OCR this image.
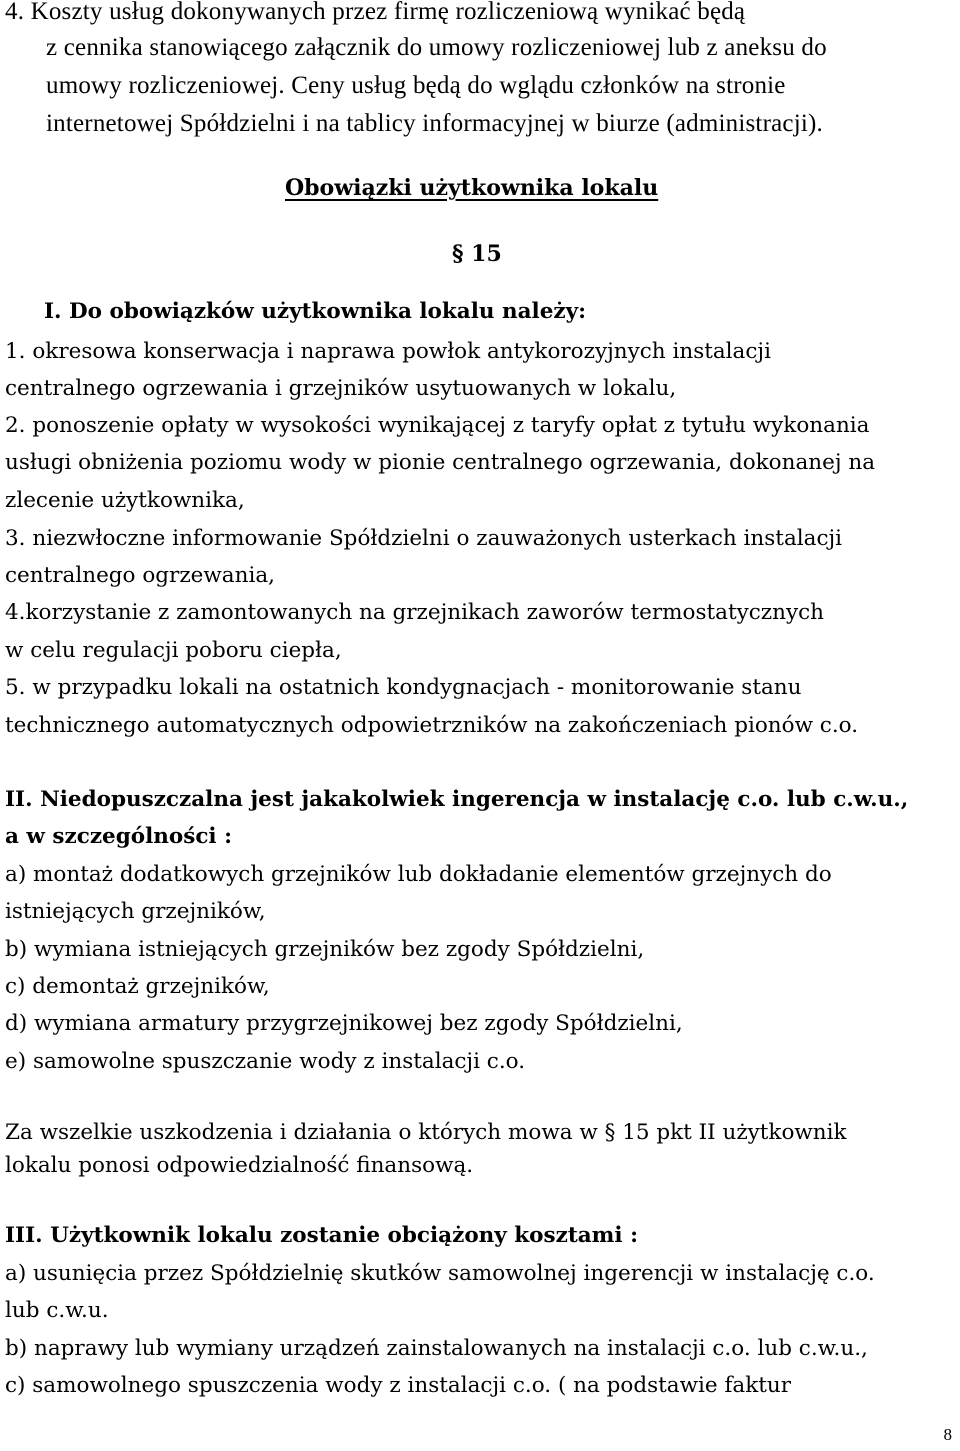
4. Koszty usług dokonywanych przez firmę rozliczeniową wynikać będą
z cennika stanowiącego załącznik do umowy rozliczeniowej lub z aneksu do
umowy rozliczeniowej. Ceny usług będą do wglądu członków na stronie
internetowej Spółdzielni i na tablicy informacyjnej w biurze (administracji).
Obowiązki użytkownika lokalu
§ 15
I. Do obowiązków użytkownika lokalu należy:
1. okresowa konserwacja i naprawa powłok antykorozyjnych instalacji
centralnego ogrzewania i grzejników usytuowanych w lokalu,
2. ponoszenie opłaty w wysokości wynikającej z taryfy opłat z tytułu wykonania
usługi obniżenia poziomu wody w pionie centralnego ogrzewania, dokonanej na
zlecenie użytkownika,
3. niezwłoczne informowanie Spółdzielni o zauważonych usterkach instalacji
centralnego ogrzewania,
4.korzystanie z zamontowanych na grzejnikach zaworów termostatycznych
w celu regulacji poboru ciepła,
5. w przypadku lokali na ostatnich kondygnacjach - monitorowanie stanu
technicznego automatycznych odpowietrzników na zakończeniach pionów c.o.
II. Niedopuszczalna jest jakakolwiek ingerencja w instalację c.o. lub c.w.u.,
a w szczególności :
a) montaż dodatkowych grzejników lub dokładanie elementów grzejnych do
istniejących grzejników,
b) wymiana istniejących grzejników bez zgody Spółdzielni,
c) demontaż grzejników,
d) wymiana armatury przygrzejnikowej bez zgody Spółdzielni,
e) samowolne spuszczanie wody z instalacji c.o.
Za wszelkie uszkodzenia i działania o których mowa w § 15 pkt II użytkownik
lokalu ponosi odpowiedzialność finansową.
III. Użytkownik lokalu zostanie obciążony kosztami :
a) usunięcia przez Spółdzielnię skutków samowolnej ingerencji w instalację c.o.
lub c.w.u.
b) naprawy lub wymiany urządzeń zainstalowanych na instalacji c.o. lub c.w.u.,
c) samowolnego spuszczenia wody z instalacji c.o. ( na podstawie faktur
8
